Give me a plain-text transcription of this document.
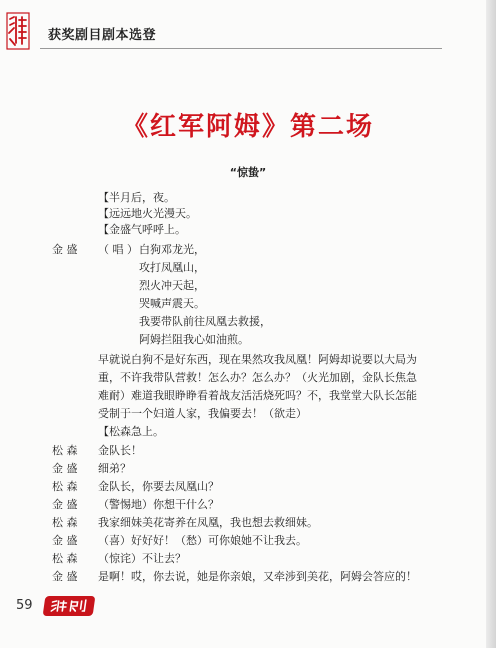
获奖剧目剧本选登
《红军阿姆》第二场
“惊蛰”
【半月后，夜。
【远远地火光漫天。
【金盛气呼呼上。
金 盛 （ 唱 ） 白狗邓龙光，
攻打凤凰山，
烈火冲天起，
哭喊声震天。
我要带队前往凤凰去救援，
阿姆拦阻我心如油煎。
早就说白狗不是好东西，现在果然攻我凤凰！阿姆却说要以大局为
重，不许我带队营救！怎么办？怎么办？（火光加剧，金队长焦急
难耐）难道我眼睁睁看着战友活活烧死吗？不，我堂堂大队长怎能
受制于一个妇道人家，我偏要去！（欲走）
【松森急上。
松 森 金队长！
金 盛 细弟？
松 森 金队长，你要去凤凰山？
金 盛 （警惕地）你想干什么？
松 森 我家细妹美花寄养在凤凰，我也想去救细妹。
金 盛 （喜）好好好！（愁）可你娘她不让我去。
松 森 （惊诧）不让去？
金 盛 是啊！哎，你去说，她是你亲娘，又牵涉到美花，阿姆会答应的！
59
